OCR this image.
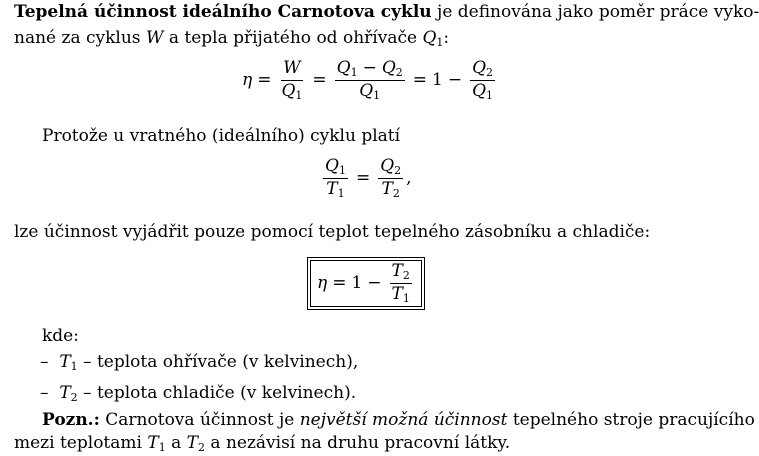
Tepelná účinnost ideálního Carnotova cyklu je definována jako poměr práce vyko-
nané za cyklus W a tepla přijatého od ohřívače $Q_1$:
$\eta = \frac{W}{Q_1} = \frac{Q_1 - Q_2}{Q_1} = 1 - \frac{Q_2}{Q_1}$
Protože u vratného (ideálního) cyklu platí
$\frac{Q_1}{T_1} = \frac{Q_2}{T_2}$ ,
lze účinnost vyjádřit pouze pomocí teplot tepelného zásobníku a chladiče:
$\eta = 1 - \frac{T_2}{T_1}$
kde:
– $T_1$ – teplota ohřívače (v kelvinech),
– $T_2$ – teplota chladiče (v kelvinech).
Pozn.: Carnotova účinnost je největší možná účinnost tepelného stroje pracujícího
mezi teplotami $T_1$ a $T_2$ a nezávisí na druhu pracovní látky.
